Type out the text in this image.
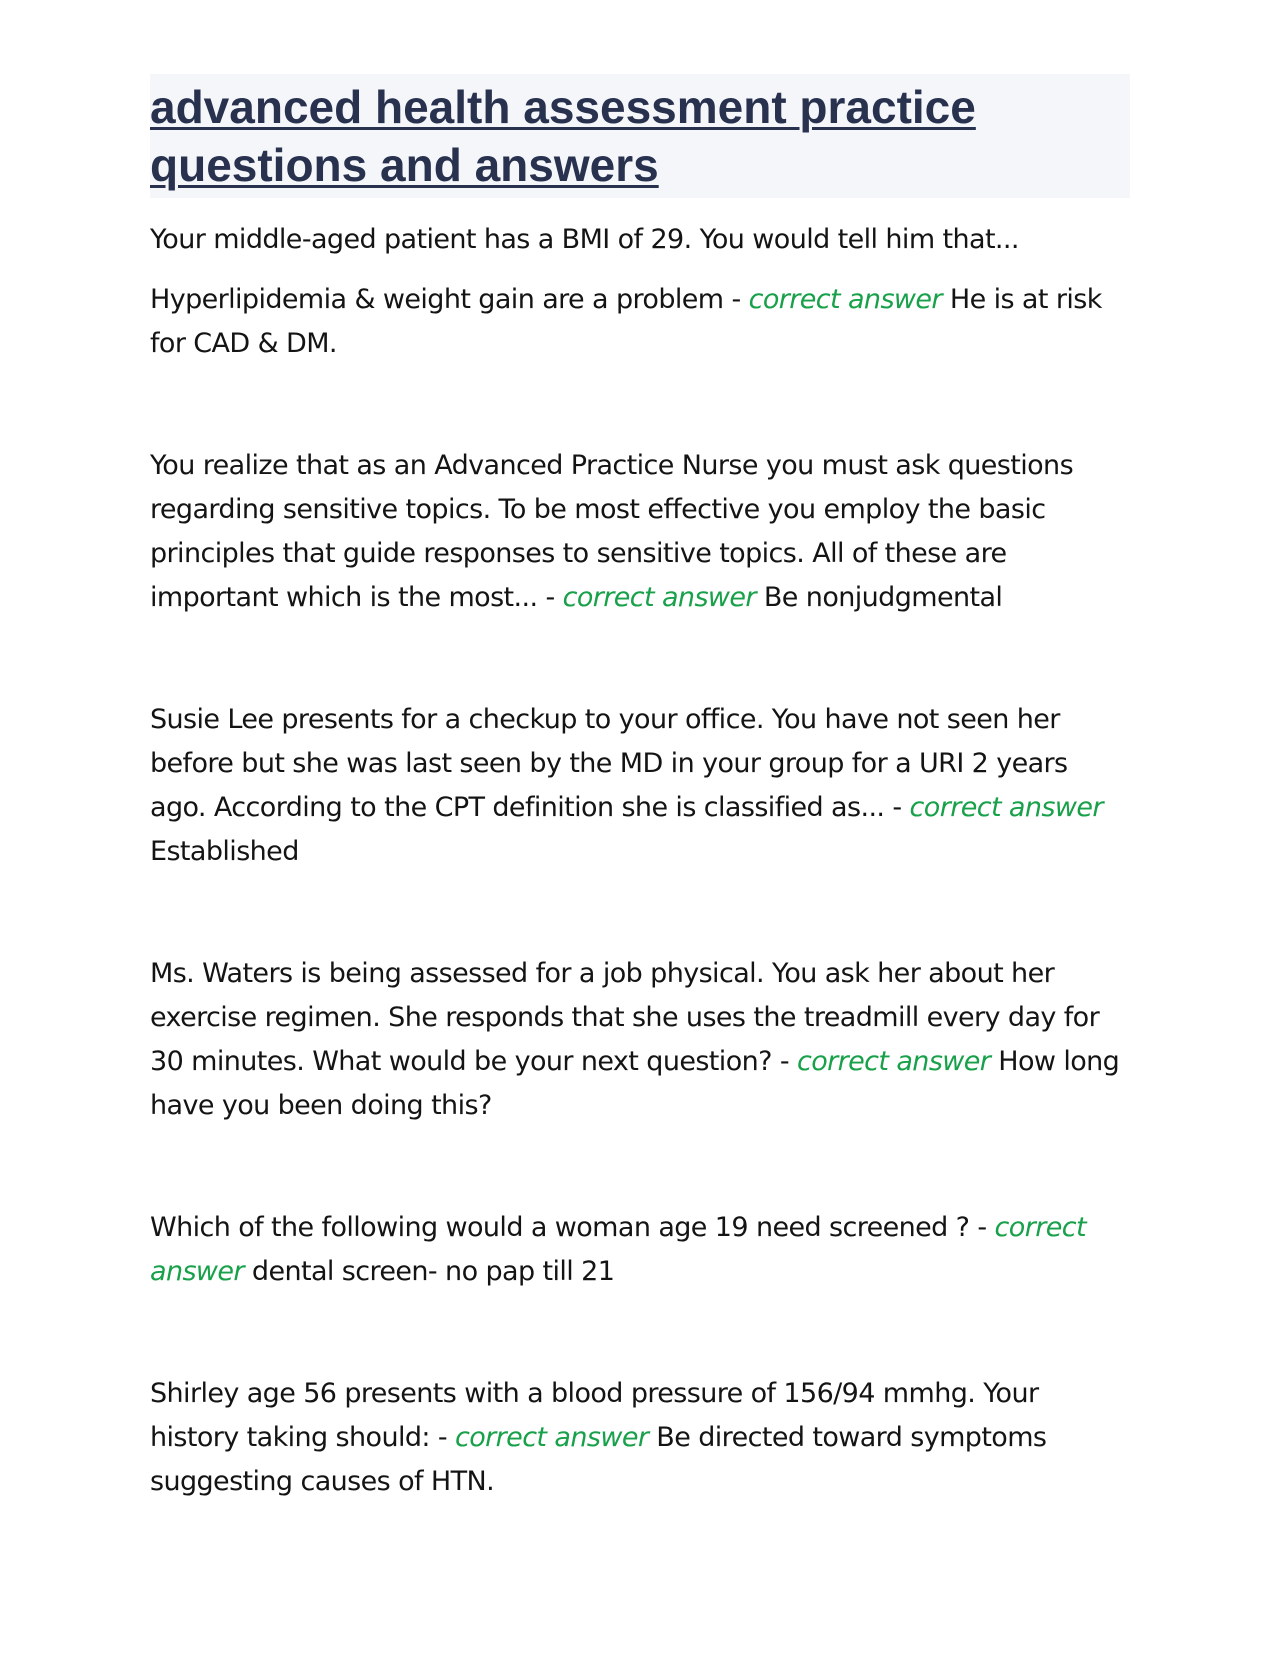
advanced health assessment practice questions and answers

Your middle-aged patient has a BMI of 29. You would tell him that...

Hyperlipidemia & weight gain are a problem - correct answer He is at risk for CAD & DM.

You realize that as an Advanced Practice Nurse you must ask questions regarding sensitive topics. To be most effective you employ the basic principles that guide responses to sensitive topics. All of these are important which is the most... - correct answer Be nonjudgmental

Susie Lee presents for a checkup to your office. You have not seen her before but she was last seen by the MD in your group for a URI 2 years ago. According to the CPT definition she is classified as... - correct answer Established

Ms. Waters is being assessed for a job physical. You ask her about her exercise regimen. She responds that she uses the treadmill every day for 30 minutes. What would be your next question? - correct answer How long have you been doing this?

Which of the following would a woman age 19 need screened ? - correct answer dental screen- no pap till 21

Shirley age 56 presents with a blood pressure of 156/94 mmhg. Your history taking should: - correct answer Be directed toward symptoms suggesting causes of HTN.
